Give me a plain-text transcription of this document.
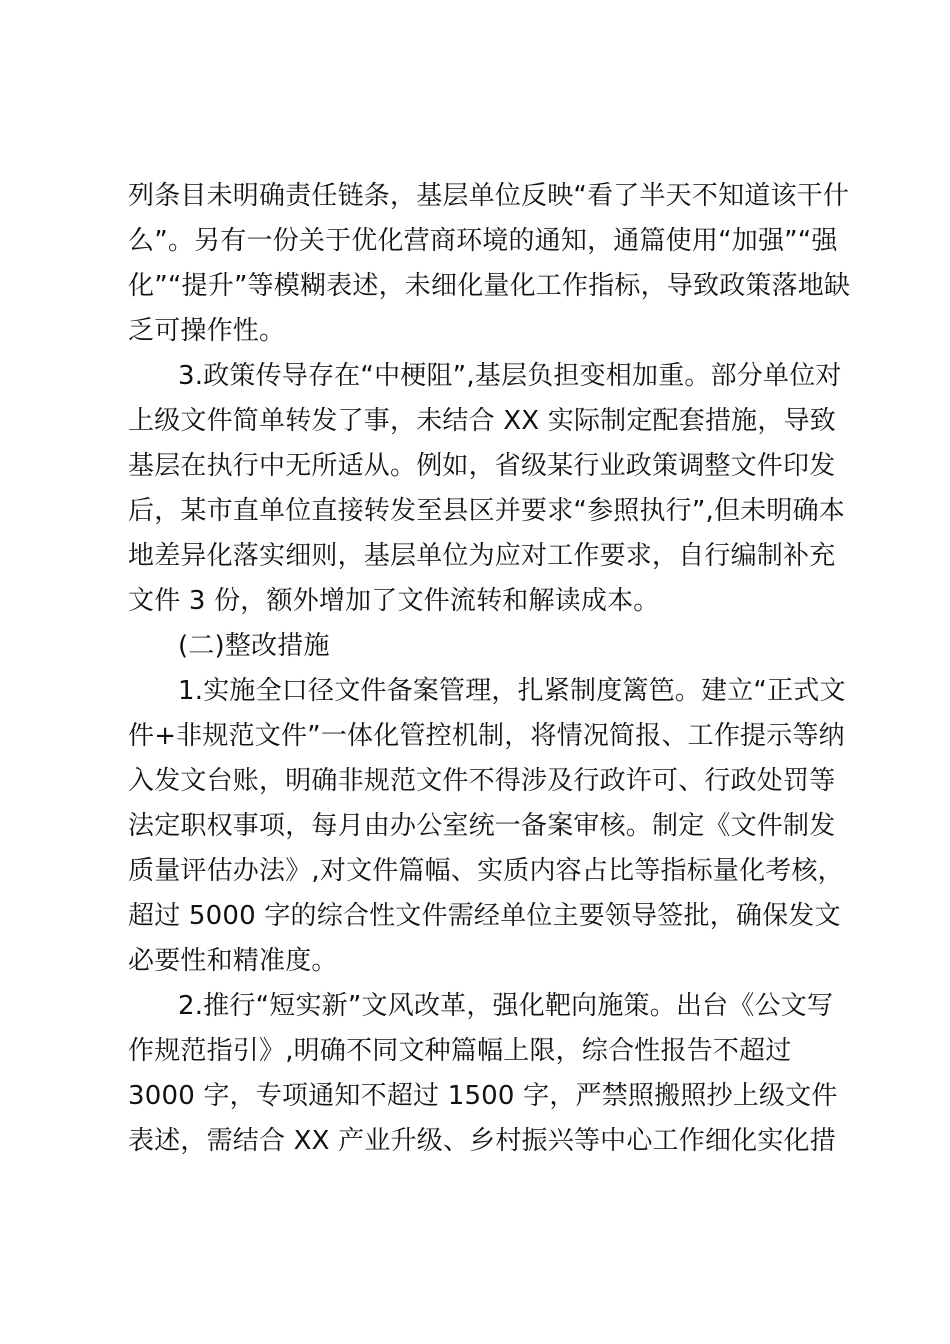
列条目未明确责任链条，基层单位反映“看了半天不知道该干什
么”。另有一份关于优化营商环境的通知，通篇使用“加强”“强
化”“提升”等模糊表述，未细化量化工作指标，导致政策落地缺
乏可操作性。
3.政策传导存在“中梗阻”,基层负担变相加重。部分单位对
上级文件简单转发了事，未结合 XX 实际制定配套措施，导致
基层在执行中无所适从。例如，省级某行业政策调整文件印发
后，某市直单位直接转发至县区并要求“参照执行”,但未明确本
地差异化落实细则，基层单位为应对工作要求，自行编制补充
文件 3 份，额外增加了文件流转和解读成本。
(二)整改措施
1.实施全口径文件备案管理，扎紧制度篱笆。建立“正式文
件+非规范文件”一体化管控机制，将情况简报、工作提示等纳
入发文台账，明确非规范文件不得涉及行政许可、行政处罚等
法定职权事项，每月由办公室统一备案审核。制定《文件制发
质量评估办法》,对文件篇幅、实质内容占比等指标量化考核，
超过 5000 字的综合性文件需经单位主要领导签批，确保发文
必要性和精准度。
2.推行“短实新”文风改革，强化靶向施策。出台《公文写
作规范指引》,明确不同文种篇幅上限，综合性报告不超过
3000 字，专项通知不超过 1500 字，严禁照搬照抄上级文件
表述，需结合 XX 产业升级、乡村振兴等中心工作细化实化措
